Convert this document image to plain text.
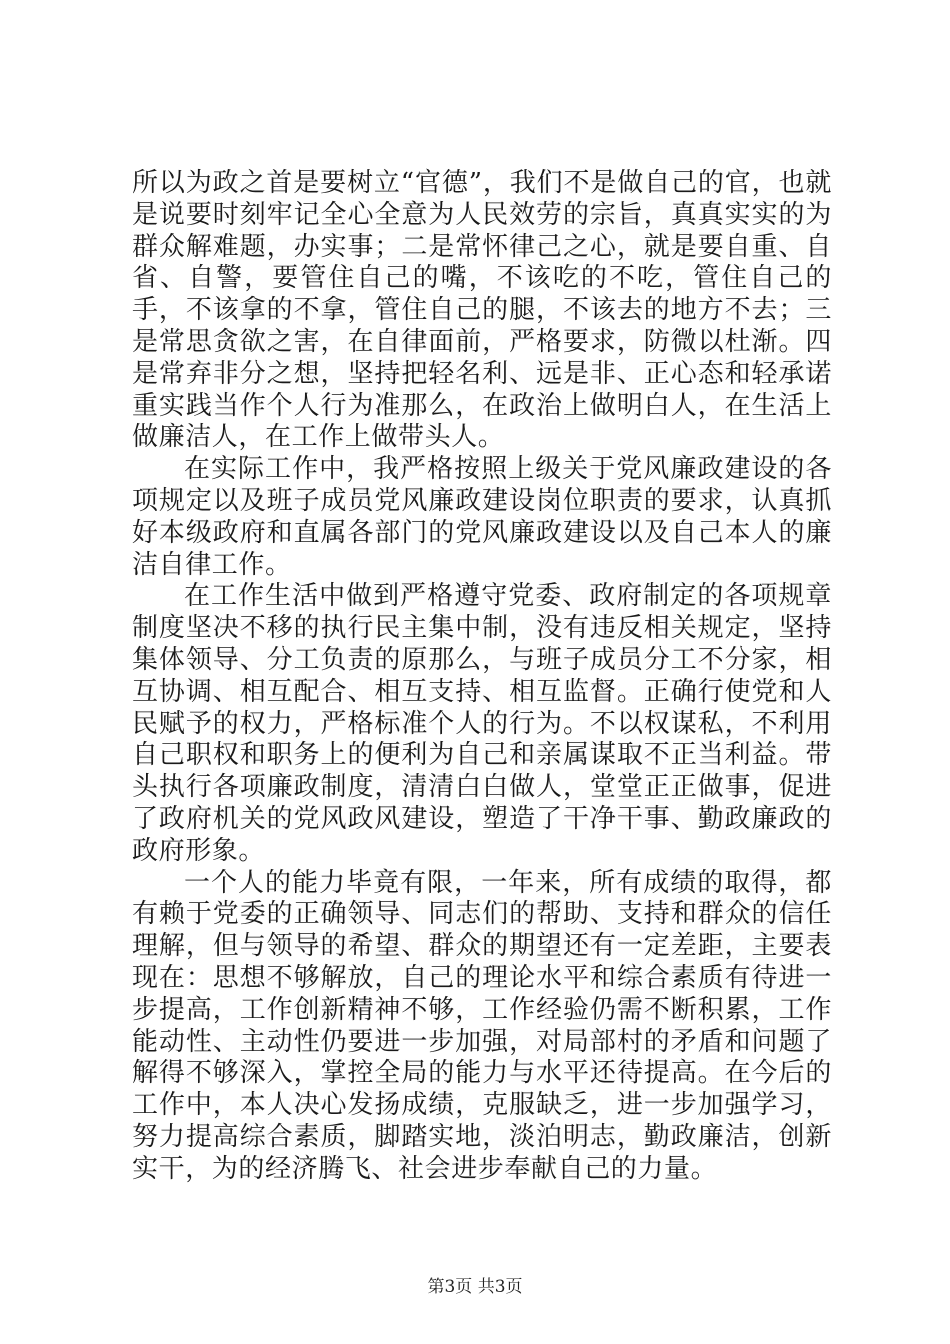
所以为政之首是要树立“官德”，我们不是做自己的官，也就是说要时刻牢记全心全意为人民效劳的宗旨，真真实实的为群众解难题，办实事；二是常怀律己之心，就是要自重、自省、自警，要管住自己的嘴，不该吃的不吃，管住自己的手，不该拿的不拿，管住自己的腿，不该去的地方不去；三是常思贪欲之害，在自律面前，严格要求，防微以杜渐。四是常弃非分之想，坚持把轻名利、远是非、正心态和轻承诺重实践当作个人行为准那么，在政治上做明白人，在生活上做廉洁人，在工作上做带头人。

在实际工作中，我严格按照上级关于党风廉政建设的各项规定以及班子成员党风廉政建设岗位职责的要求，认真抓好本级政府和直属各部门的党风廉政建设以及自己本人的廉洁自律工作。

在工作生活中做到严格遵守党委、政府制定的各项规章制度坚决不移的执行民主集中制，没有违反相关规定，坚持集体领导、分工负责的原那么，与班子成员分工不分家，相互协调、相互配合、相互支持、相互监督。正确行使党和人民赋予的权力，严格标准个人的行为。不以权谋私，不利用自己职权和职务上的便利为自己和亲属谋取不正当利益。带头执行各项廉政制度，清清白白做人，堂堂正正做事，促进了政府机关的党风政风建设，塑造了干净干事、勤政廉政的政府形象。

一个人的能力毕竟有限，一年来，所有成绩的取得，都有赖于党委的正确领导、同志们的帮助、支持和群众的信任理解，但与领导的希望、群众的期望还有一定差距，主要表现在：思想不够解放，自己的理论水平和综合素质有待进一步提高，工作创新精神不够，工作经验仍需不断积累，工作能动性、主动性仍要进一步加强，对局部村的矛盾和问题了解得不够深入，掌控全局的能力与水平还待提高。在今后的工作中，本人决心发扬成绩，克服缺乏，进一步加强学习，努力提高综合素质，脚踏实地，淡泊明志，勤政廉洁，创新实干，为的经济腾飞、社会进步奉献自己的力量。

第3页 共3页
